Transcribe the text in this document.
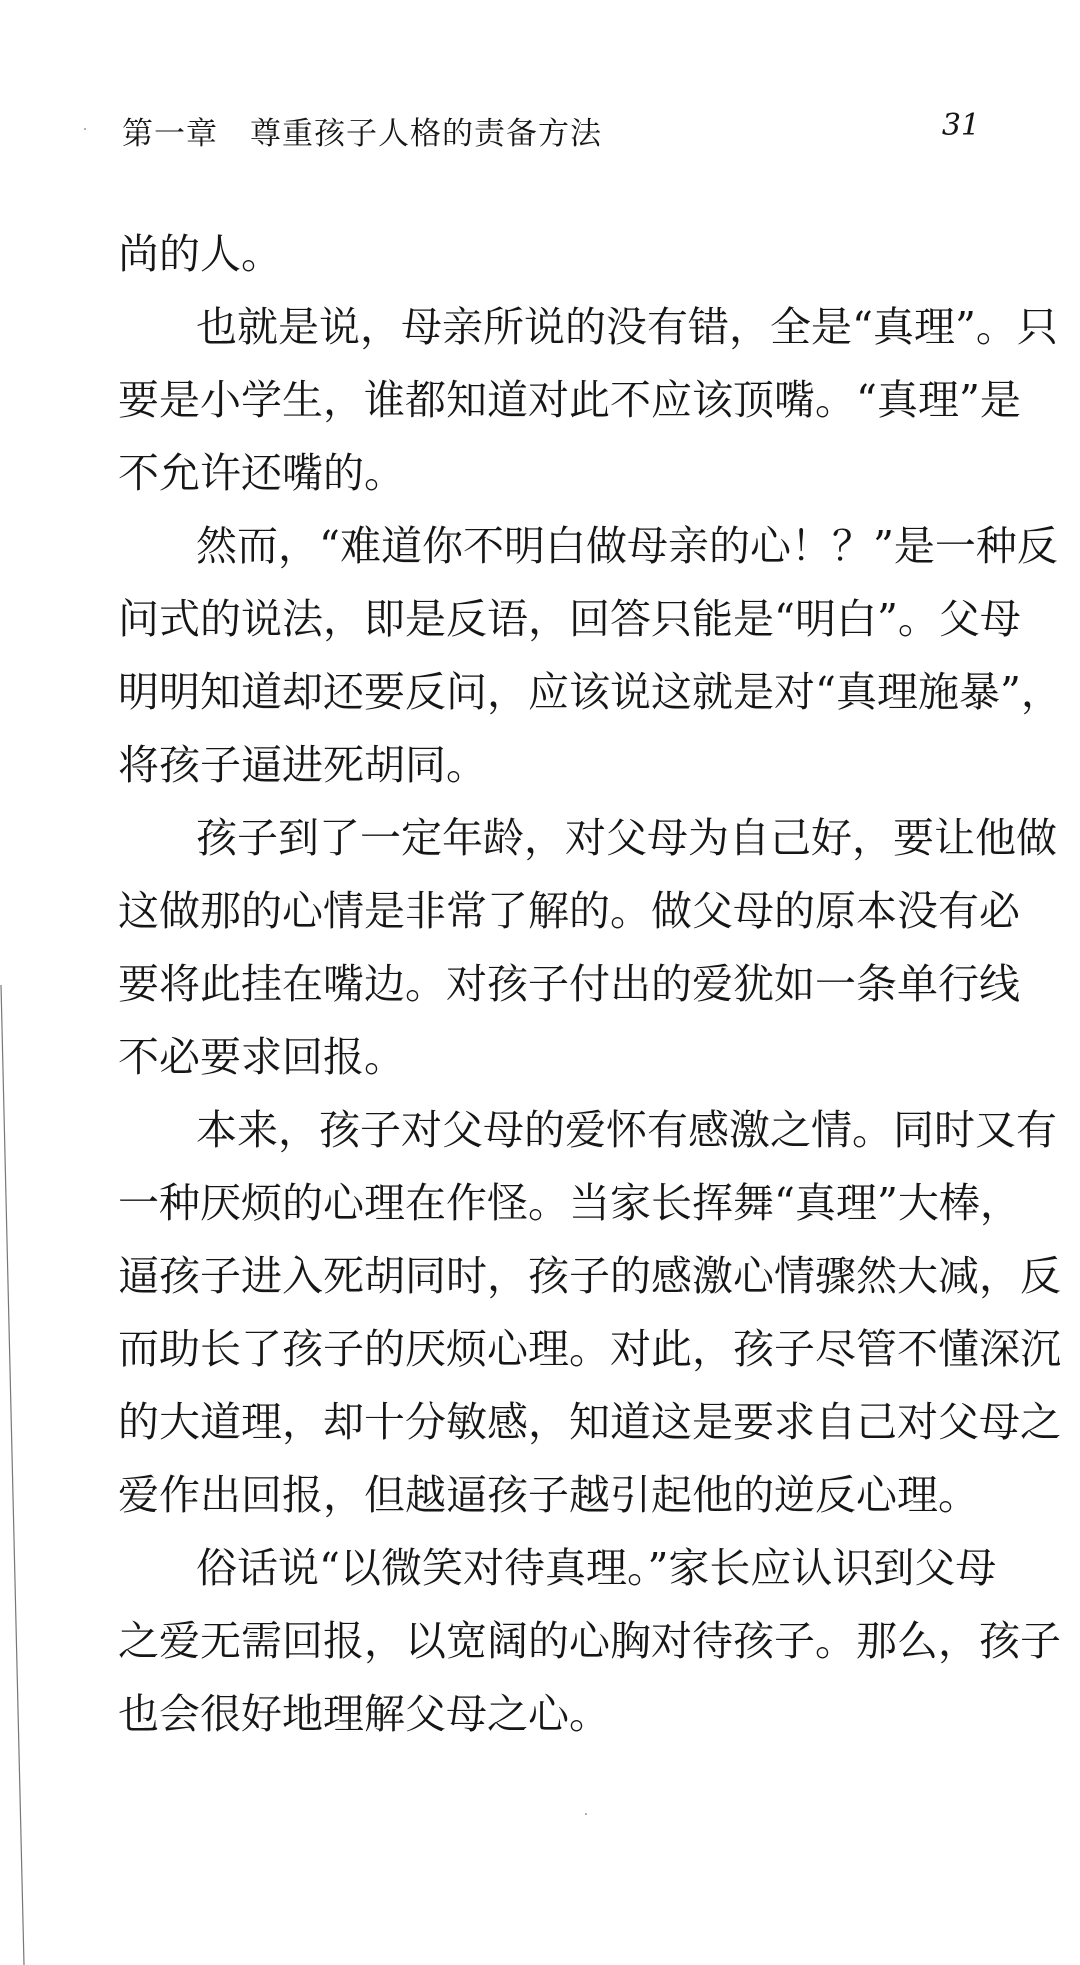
第一章　尊重孩子人格的责备方法	31
尚的人。
也就是说，母亲所说的没有错，全是“真理”。只
要是小学生，谁都知道对此不应该顶嘴。“真理”是
不允许还嘴的。
然而，“难道你不明白做母亲的心！？”是一种反
问式的说法，即是反语，回答只能是“明白”。父母
明明知道却还要反问，应该说这就是对“真理施暴”，
将孩子逼进死胡同。
孩子到了一定年龄，对父母为自己好，要让他做
这做那的心情是非常了解的。做父母的原本没有必
要将此挂在嘴边。对孩子付出的爱犹如一条单行线
不必要求回报。
本来，孩子对父母的爱怀有感激之情。同时又有
一种厌烦的心理在作怪。当家长挥舞“真理”大棒，
逼孩子进入死胡同时，孩子的感激心情骤然大减，反
而助长了孩子的厌烦心理。对此，孩子尽管不懂深沉
的大道理，却十分敏感，知道这是要求自己对父母之
爱作出回报，但越逼孩子越引起他的逆反心理。
俗话说“以微笑对待真理。”家长应认识到父母
之爱无需回报，以宽阔的心胸对待孩子。那么，孩子
也会很好地理解父母之心。
